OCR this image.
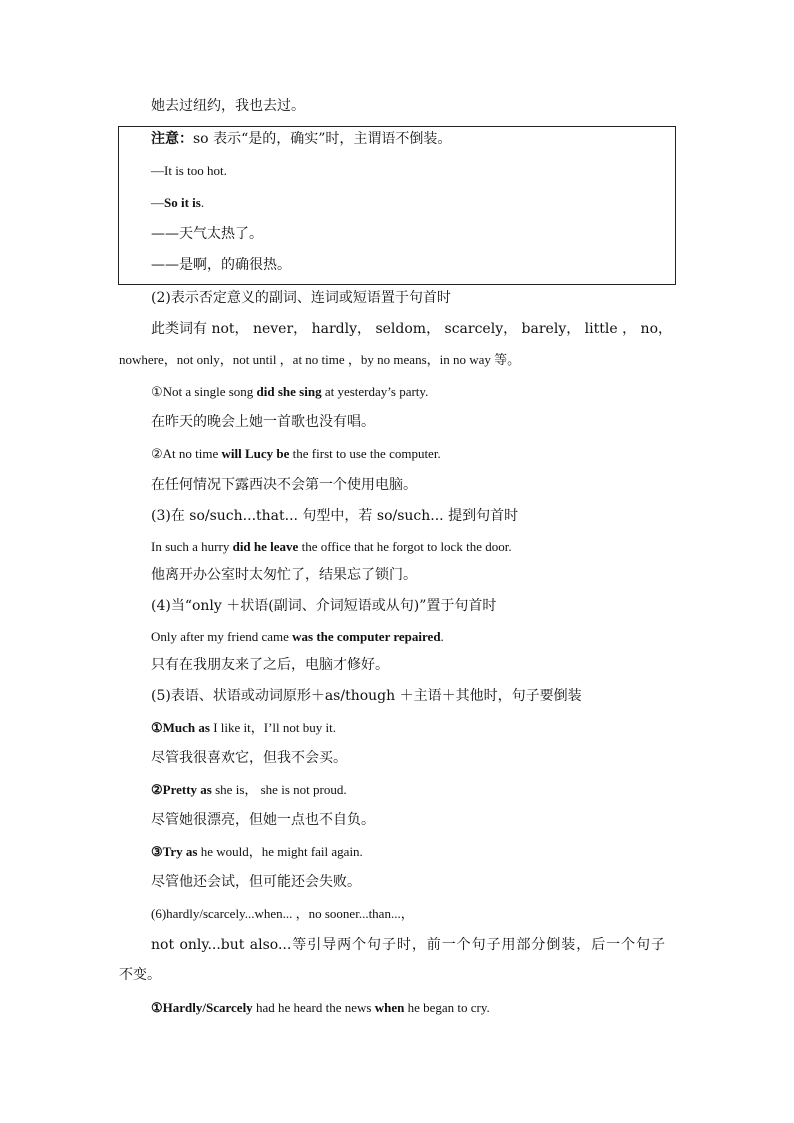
她去过纽约，我也去过。
注意：so 表示“是的，确实”时，主谓语不倒装。
—It is too hot.
—So it is.
——天气太热了。
——是啊，的确很热。
(2)表示否定意义的副词、连词或短语置于句首时
此类词有 not， never， hardly， seldom， scarcely， barely， little ， no，
nowhere，not only，not until ，at no time ，by no means，in no way 等。
①Not a single song did she sing at yesterday’s party.
在昨天的晚会上她一首歌也没有唱。
②At no time will Lucy be the first to use the computer.
在任何情况下露西决不会第一个使用电脑。
(3)在 so/such...that... 句型中，若 so/such... 提到句首时
In such a hurry did he leave the office that he forgot to lock the door.
他离开办公室时太匆忙了，结果忘了锁门。
(4)当“only ＋状语(副词、介词短语或从句)”置于句首时
Only after my friend came was the computer repaired.
只有在我朋友来了之后，电脑才修好。
(5)表语、状语或动词原形＋as/though ＋主语＋其他时，句子要倒装
①Much as I like it，I’ll not buy it.
尽管我很喜欢它，但我不会买。
②Pretty as she is， she is not proud.
尽管她很漂亮，但她一点也不自负。
③Try as he would，he might fail again.
尽管他还会试，但可能还会失败。
(6)hardly/scarcely...when... ，no sooner...than...，
not only...but also...等引导两个句子时，前一个句子用部分倒装，后一个句子
不变。
①Hardly/Scarcely had he heard the news when he began to cry.
